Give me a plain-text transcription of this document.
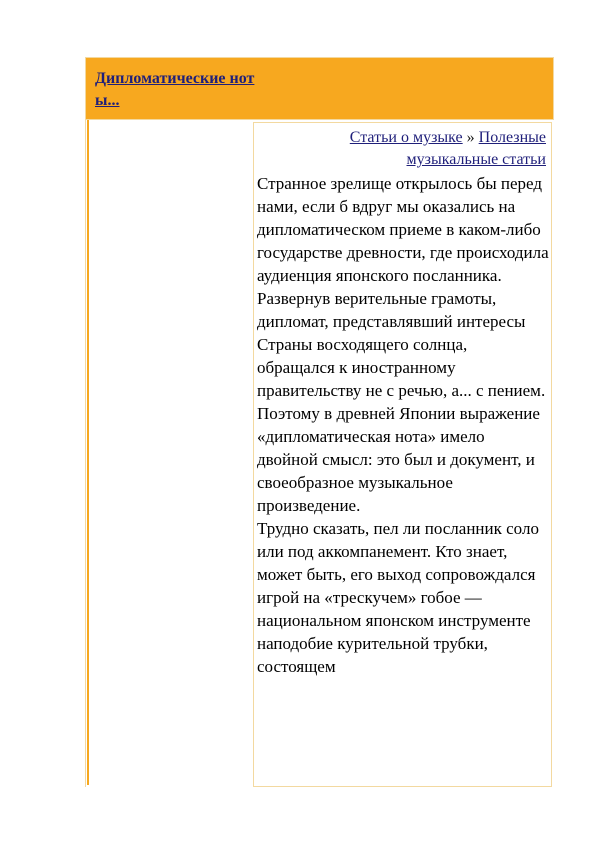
Дипломатические ноты...
Статьи о музыке » Полезные музыкальные статьи

Странное зрелище открылось бы перед нами, если б вдруг мы оказались на дипломатическом приеме в каком-либо государстве древности, где происходила аудиенция японского посланника. Развернув верительные грамоты, дипломат, представлявший интересы Страны восходящего солнца, обращался к иностранному правительству не с речью, а... с пением.

Поэтому в древней Японии выражение «дипломатическая нота» имело двойной смысл: это был и документ, и своеобразное музыкальное произведение.

Трудно сказать, пел ли посланник соло или под аккомпанемент. Кто знает, может быть, его выход сопровождался игрой на «трескучем» гобое — национальном японском инструменте наподобие курительной трубки, состоящем
